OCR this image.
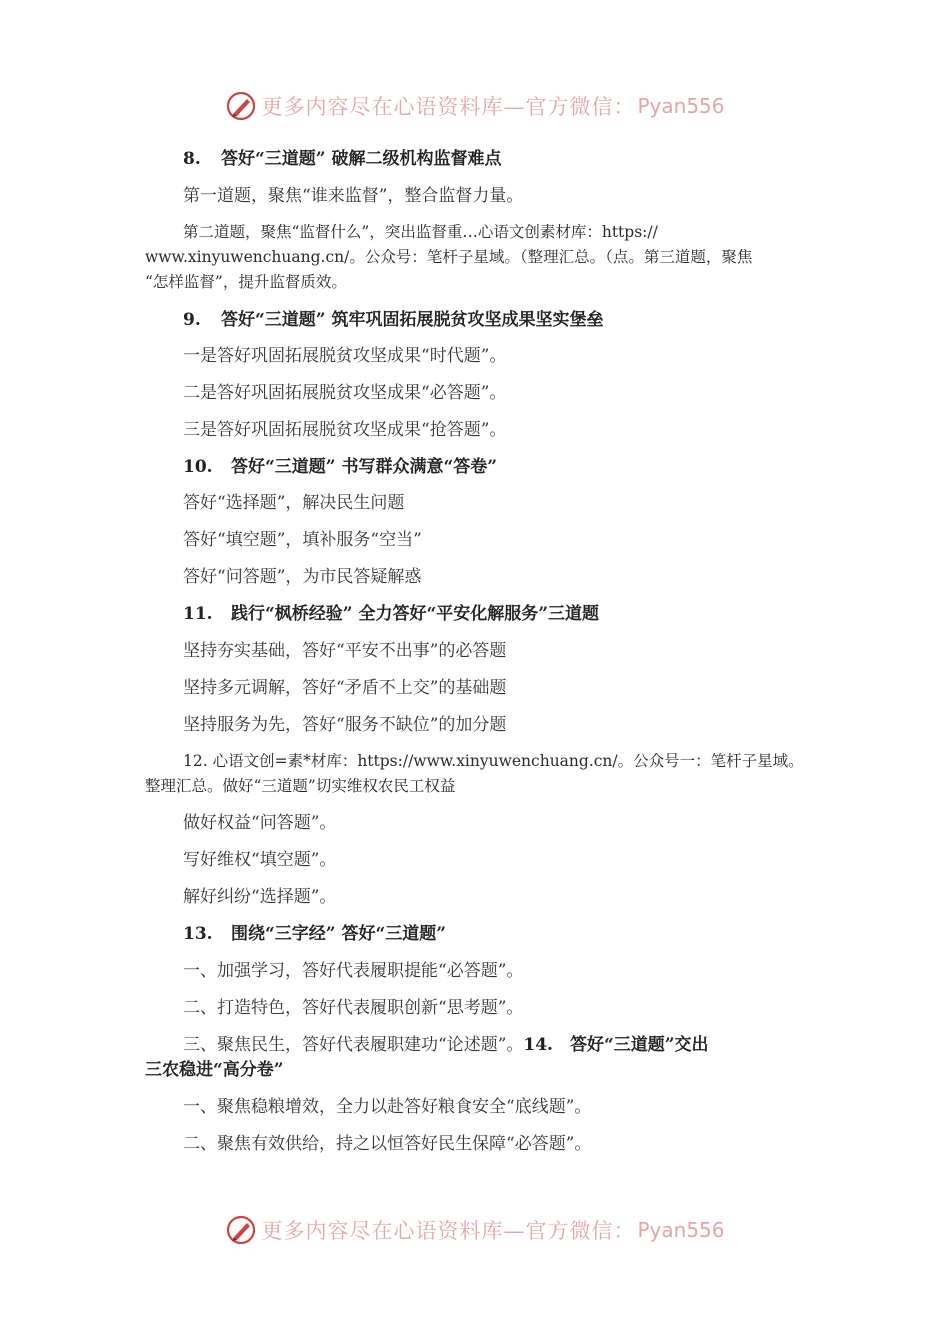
更多内容尽在心语资料库—官方微信： Pyan556
8. 答好“三道题” 破解二级机构监督难点
第一道题，聚焦“谁来监督”，整合监督力量。
第二道题，聚焦“监督什么”，突出监督重…心语文创素材库：https://
www.xinyuwenchuang.cn/。公众号：笔杆子星域。（整理汇总。（点。第三道题，聚焦
“怎样监督”，提升监督质效。
9. 答好“三道题” 筑牢巩固拓展脱贫攻坚成果坚实堡垒
一是答好巩固拓展脱贫攻坚成果“时代题”。
二是答好巩固拓展脱贫攻坚成果“必答题”。
三是答好巩固拓展脱贫攻坚成果“抢答题”。
10. 答好“三道题” 书写群众满意“答卷”
答好“选择题”，解决民生问题
答好“填空题”，填补服务“空当”
答好“问答题”，为市民答疑解惑
11. 践行“枫桥经验” 全力答好“平安化解服务”三道题
坚持夯实基础，答好“平安不出事”的必答题
坚持多元调解，答好“矛盾不上交”的基础题
坚持服务为先，答好“服务不缺位”的加分题
12. 心语文创=素*材库：https://www.xinyuwenchuang.cn/。公众号一：笔杆子星域。
整理汇总。做好“三道题”切实维权农民工权益
做好权益“问答题”。
写好维权“填空题”。
解好纠纷“选择题”。
13. 围绕“三字经” 答好“三道题”
一、加强学习，答好代表履职提能“必答题”。
二、打造特色，答好代表履职创新“思考题”。
三、聚焦民生，答好代表履职建功“论述题”。14.　答好“三道题”交出
三农稳进“高分卷”
一、聚焦稳粮增效，全力以赴答好粮食安全“底线题”。
二、聚焦有效供给，持之以恒答好民生保障“必答题”。
更多内容尽在心语资料库—官方微信： Pyan556
